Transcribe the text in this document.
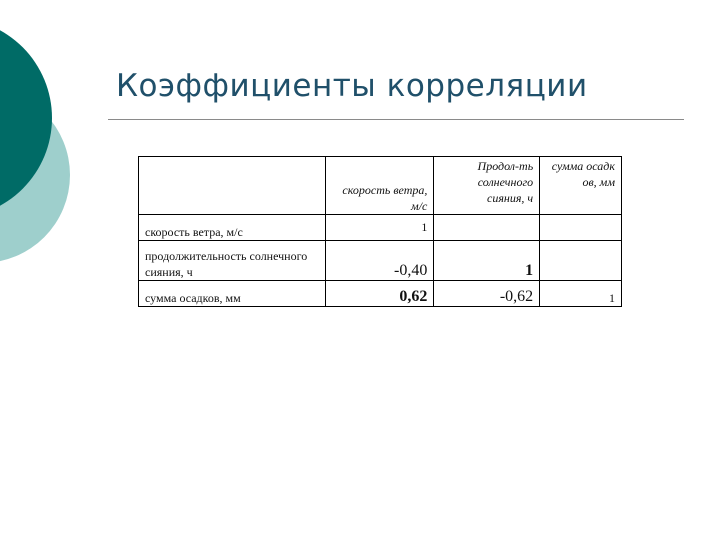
Коэффициенты корреляции
	скорость ветра, м/с	Продол-ть солнечного сияния, ч	сумма осадк ов, мм
скорость ветра, м/с	1		
продолжительность солнечного сияния, ч	-0,40	1	
сумма осадков, мм	0,62	-0,62	1
